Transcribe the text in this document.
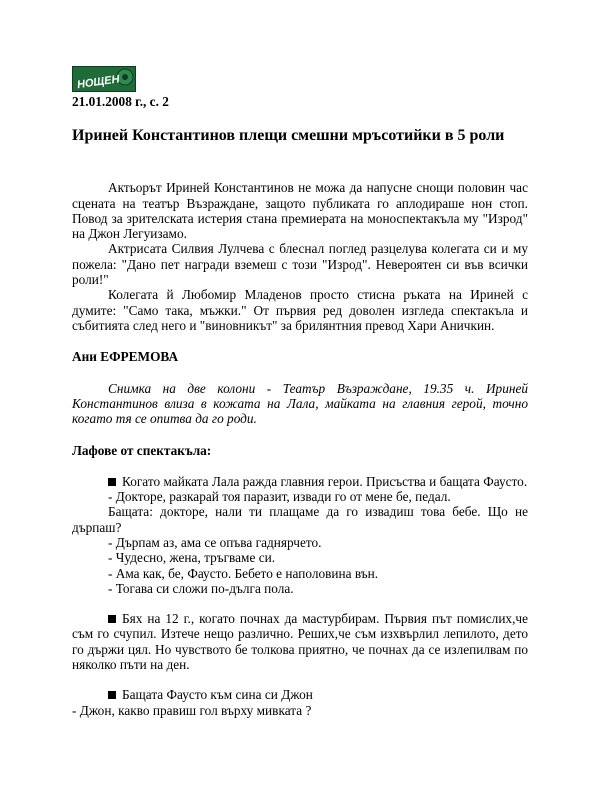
НОЩЕН
21.01.2008 г., с. 2
Ириней Константинов плещи смешни мръсотийки в 5 роли

Актьорът Ириней Константинов не можа да напусне снощи половин час сцената на театър Възраждане, защото публиката го аплодираше нон стоп. Повод за зрителската истерия стана премиерата на моноспектакъла му "Изрод" на Джон Легуизамо.

Актрисата Силвия Лулчева с блеснал поглед разцелува колегата си и му пожела: "Дано пет награди вземеш с този "Изрод". Невероятен си във всички роли!"

Колегата й Любомир Младенов просто стисна ръката на Ириней с думите: "Само така, мъжки." От първия ред доволен изгледа спектакъла и събитията след него и "виновникът" за брилянтния превод Хари Аничкин.

Ани ЕФРЕМОВА
Снимка на две колони - Театър Възраждане, 19.35 ч. Ириней Константинов влиза в кожата на Лала, майката на главния герой, точно когато тя се опитва да го роди.
Лафове от спектакъла:

Когато майката Лала ражда главния герои. Присъства и бащата Фаусто.

- Докторе, разкарай тоя паразит, извади го от мене бе, педал.

Бащата: докторе, нали ти плащаме да го извадиш това бебе. Що не дърпаш?

- Дърпам аз, ама се опъва гаднярчето.

- Чудесно, жена, тръгваме си.

- Ама как, бе, Фаусто. Бебето е наполовина вън.

- Тогава си сложи по-дълга пола.

Бях на 12 г., когато почнах да мастурбирам. Първия път помислих,че съм го счупил. Изтече нещо различно. Реших,че съм изхвърлил лепилото, дето го държи цял. Но чувството бе толкова приятно, че почнах да се излепилвам по няколко пъти на ден.

Бащата Фаусто към сина си Джон

- Джон, какво правиш гол върху мивката ?
